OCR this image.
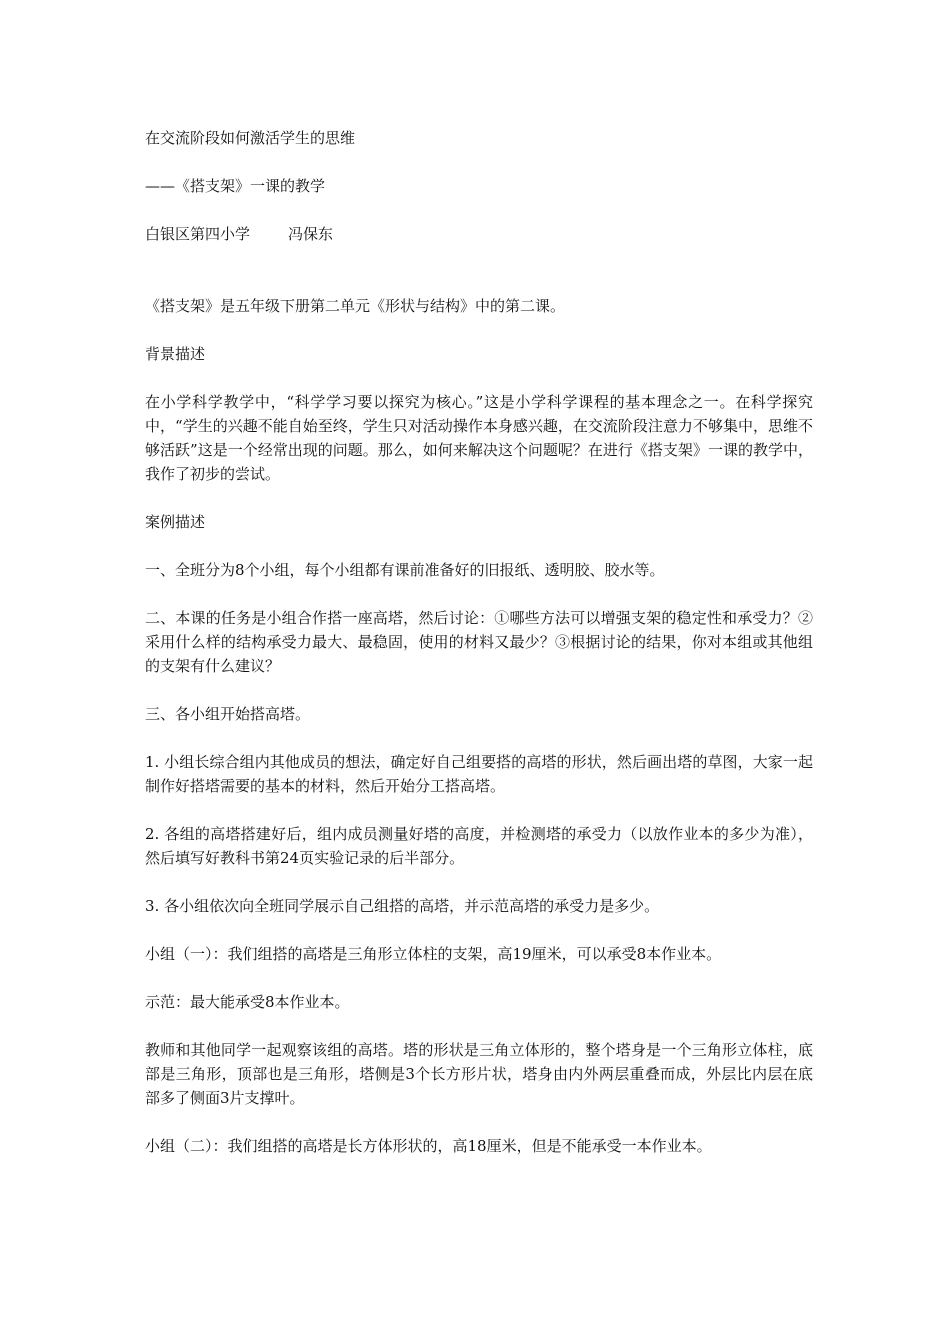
在交流阶段如何激活学生的思维

——《搭支架》一课的教学

白银区第四小学	冯保东

《搭支架》是五年级下册第二单元《形状与结构》中的第二课。

背景描述

在小学科学教学中，“科学学习要以探究为核心。”这是小学科学课程的基本理念之一。在科学探究中，“学生的兴趣不能自始至终，学生只对活动操作本身感兴趣，在交流阶段注意力不够集中，思维不够活跃”这是一个经常出现的问题。那么，如何来解决这个问题呢？在进行《搭支架》一课的教学中，我作了初步的尝试。

案例描述

一、全班分为8个小组，每个小组都有课前准备好的旧报纸、透明胶、胶水等。

二、本课的任务是小组合作搭一座高塔，然后讨论：①哪些方法可以增强支架的稳定性和承受力？②采用什么样的结构承受力最大、最稳固，使用的材料又最少？③根据讨论的结果，你对本组或其他组的支架有什么建议？

三、各小组开始搭高塔。

1. 小组长综合组内其他成员的想法，确定好自己组要搭的高塔的形状，然后画出塔的草图，大家一起制作好搭塔需要的基本的材料，然后开始分工搭高塔。

2. 各组的高塔搭建好后，组内成员测量好塔的高度，并检测塔的承受力（以放作业本的多少为准），然后填写好教科书第24页实验记录的后半部分。

3. 各小组依次向全班同学展示自己组搭的高塔，并示范高塔的承受力是多少。

小组（一）：我们组搭的高塔是三角形立体柱的支架，高19厘米，可以承受8本作业本。

示范：最大能承受8本作业本。

教师和其他同学一起观察该组的高塔。塔的形状是三角立体形的，整个塔身是一个三角形立体柱，底部是三角形，顶部也是三角形，塔侧是3个长方形片状，塔身由内外两层重叠而成，外层比内层在底部多了侧面3片支撑叶。

小组（二）：我们组搭的高塔是长方体形状的，高18厘米，但是不能承受一本作业本。
